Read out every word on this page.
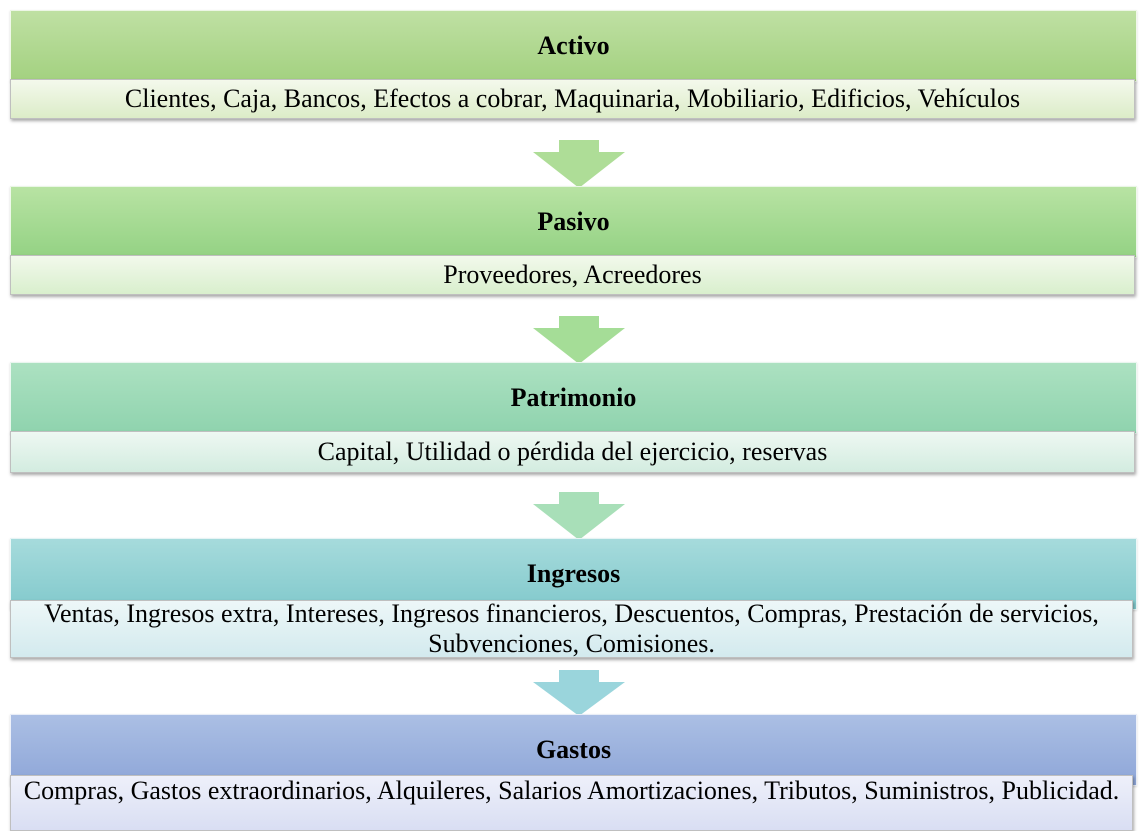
Activo
Clientes, Caja, Bancos, Efectos a cobrar, Maquinaria, Mobiliario, Edificios, Vehículos
Pasivo
Proveedores, Acreedores
Patrimonio
Capital, Utilidad o pérdida del ejercicio, reservas
Ingresos
Ventas, Ingresos extra, Intereses, Ingresos financieros, Descuentos, Compras, Prestación de servicios, Subvenciones, Comisiones.
Gastos
Compras, Gastos extraordinarios, Alquileres, Salarios Amortizaciones, Tributos, Suministros, Publicidad.
